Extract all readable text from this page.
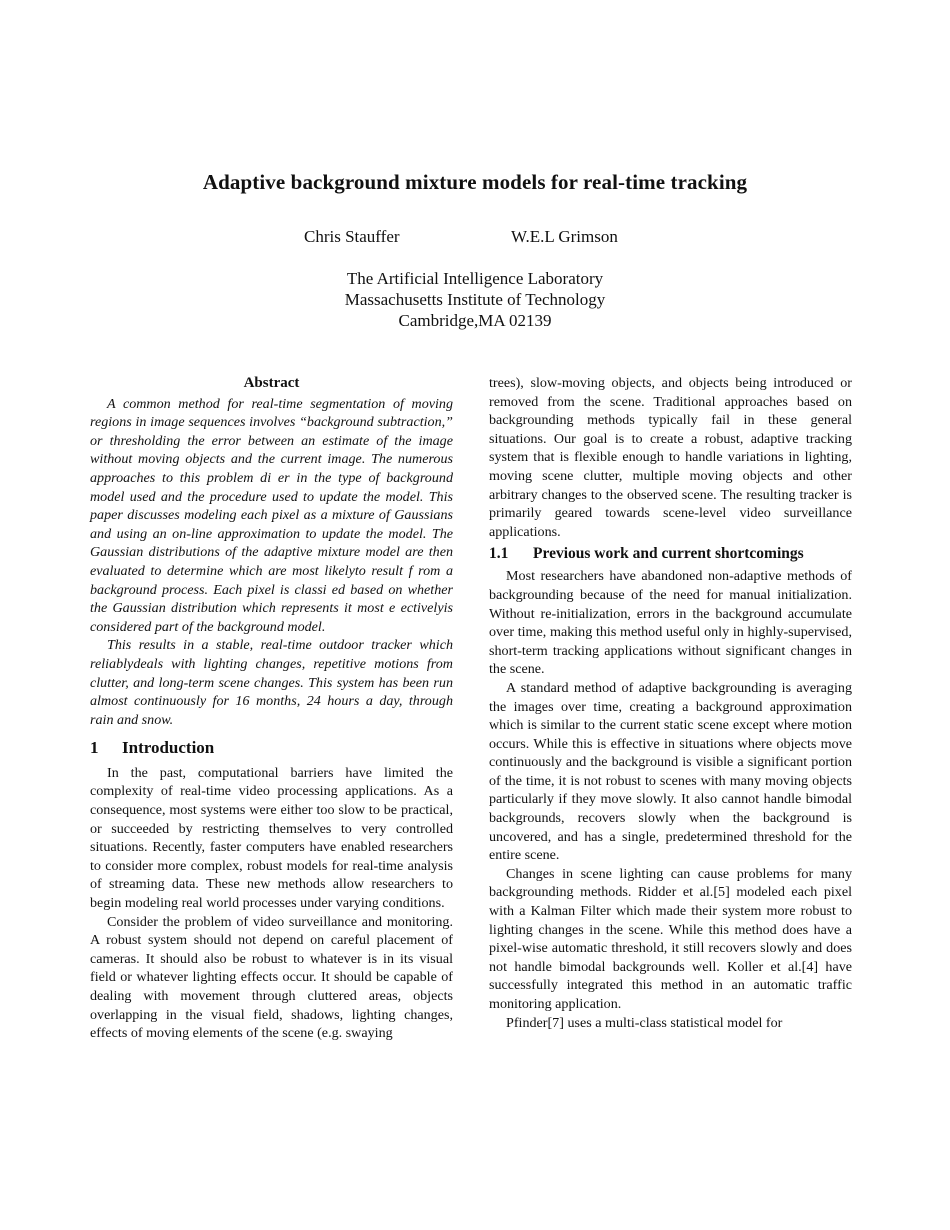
Adaptive background mixture models for real-time tracking
Chris Stauffer	W.E.L Grimson
The Artificial Intelligence Laboratory
Massachusetts Institute of Technology
Cambridge,MA 02139
Abstract

A common method for real-time segmentation of moving regions in image sequences involves “background subtraction,” or thresholding the error between an estimate of the image without moving objects and the current image. The numerous approaches to this problem di er in the type of background model used and the procedure used to update the model. This paper discusses modeling each pixel as a mixture of Gaussians and using an on-line approximation to update the model. The Gaussian distributions of the adaptive mixture model are then evaluated to determine which are most likelyto result f rom a background process. Each pixel is classi ed based on whether the Gaussian distribution which represents it most e ectivelyis considered part of the background model.

This results in a stable, real-time outdoor tracker which reliablydeals with lighting changes, repetitive motions from clutter, and long-term scene changes. This system has been run almost continuously for 16 months, 24 hours a day, through rain and snow.

1	Introduction

In the past, computational barriers have limited the complexity of real-time video processing applications. As a consequence, most systems were either too slow to be practical, or succeeded by restricting themselves to very controlled situations. Recently, faster computers have enabled researchers to consider more complex, robust models for real-time analysis of streaming data. These new methods allow researchers to begin modeling real world processes under varying conditions.

Consider the problem of video surveillance and monitoring. A robust system should not depend on careful placement of cameras. It should also be robust to whatever is in its visual field or whatever lighting effects occur. It should be capable of dealing with movement through cluttered areas, objects overlapping in the visual field, shadows, lighting changes, effects of moving elements of the scene (e.g. swaying

trees), slow-moving objects, and objects being introduced or removed from the scene. Traditional approaches based on backgrounding methods typically fail in these general situations. Our goal is to create a robust, adaptive tracking system that is flexible enough to handle variations in lighting, moving scene clutter, multiple moving objects and other arbitrary changes to the observed scene. The resulting tracker is primarily geared towards scene-level video surveillance applications.

1.1	Previous work and current shortcomings

Most researchers have abandoned non-adaptive methods of backgrounding because of the need for manual initialization. Without re-initialization, errors in the background accumulate over time, making this method useful only in highly-supervised, short-term tracking applications without significant changes in the scene.

A standard method of adaptive backgrounding is averaging the images over time, creating a background approximation which is similar to the current static scene except where motion occurs. While this is effective in situations where objects move continuously and the background is visible a significant portion of the time, it is not robust to scenes with many moving objects particularly if they move slowly. It also cannot handle bimodal backgrounds, recovers slowly when the background is uncovered, and has a single, predetermined threshold for the entire scene.

Changes in scene lighting can cause problems for many backgrounding methods. Ridder et al.[5] modeled each pixel with a Kalman Filter which made their system more robust to lighting changes in the scene. While this method does have a pixel-wise automatic threshold, it still recovers slowly and does not handle bimodal backgrounds well. Koller et al.[4] have successfully integrated this method in an automatic traffic monitoring application.

Pfinder[7] uses a multi-class statistical model for
